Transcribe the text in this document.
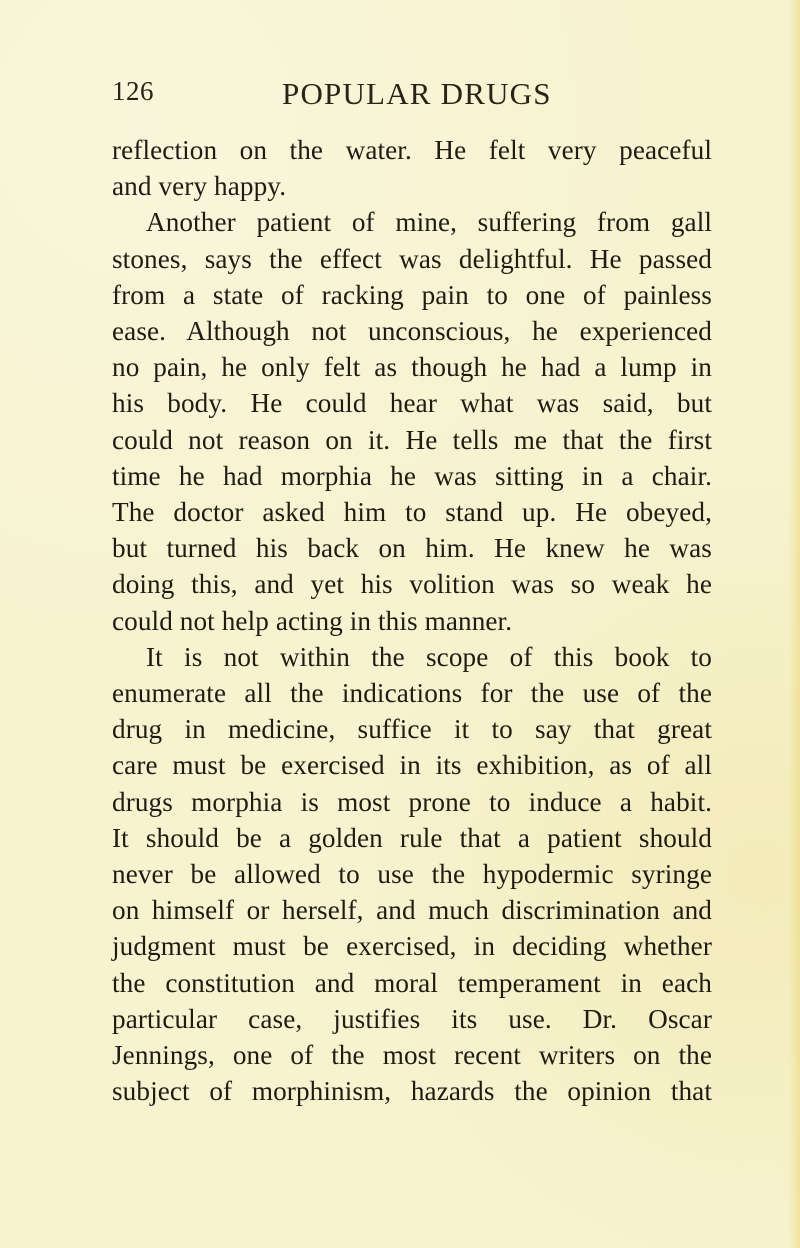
126	POPULAR DRUGS
reflection on the water. He felt very peaceful
and very happy.
Another patient of mine, suffering from gall
stones, says the effect was delightful. He passed
from a state of racking pain to one of painless
ease. Although not unconscious, he experienced
no pain, he only felt as though he had a lump in
his body. He could hear what was said, but
could not reason on it. He tells me that the first
time he had morphia he was sitting in a chair.
The doctor asked him to stand up. He obeyed,
but turned his back on him. He knew he was
doing this, and yet his volition was so weak he
could not help acting in this manner.
It is not within the scope of this book to
enumerate all the indications for the use of the
drug in medicine, suffice it to say that great
care must be exercised in its exhibition, as of all
drugs morphia is most prone to induce a habit.
It should be a golden rule that a patient should
never be allowed to use the hypodermic syringe
on himself or herself, and much discrimination and
judgment must be exercised, in deciding whether
the constitution and moral temperament in each
particular case, justifies its use. Dr. Oscar
Jennings, one of the most recent writers on the
subject of morphinism, hazards the opinion that
